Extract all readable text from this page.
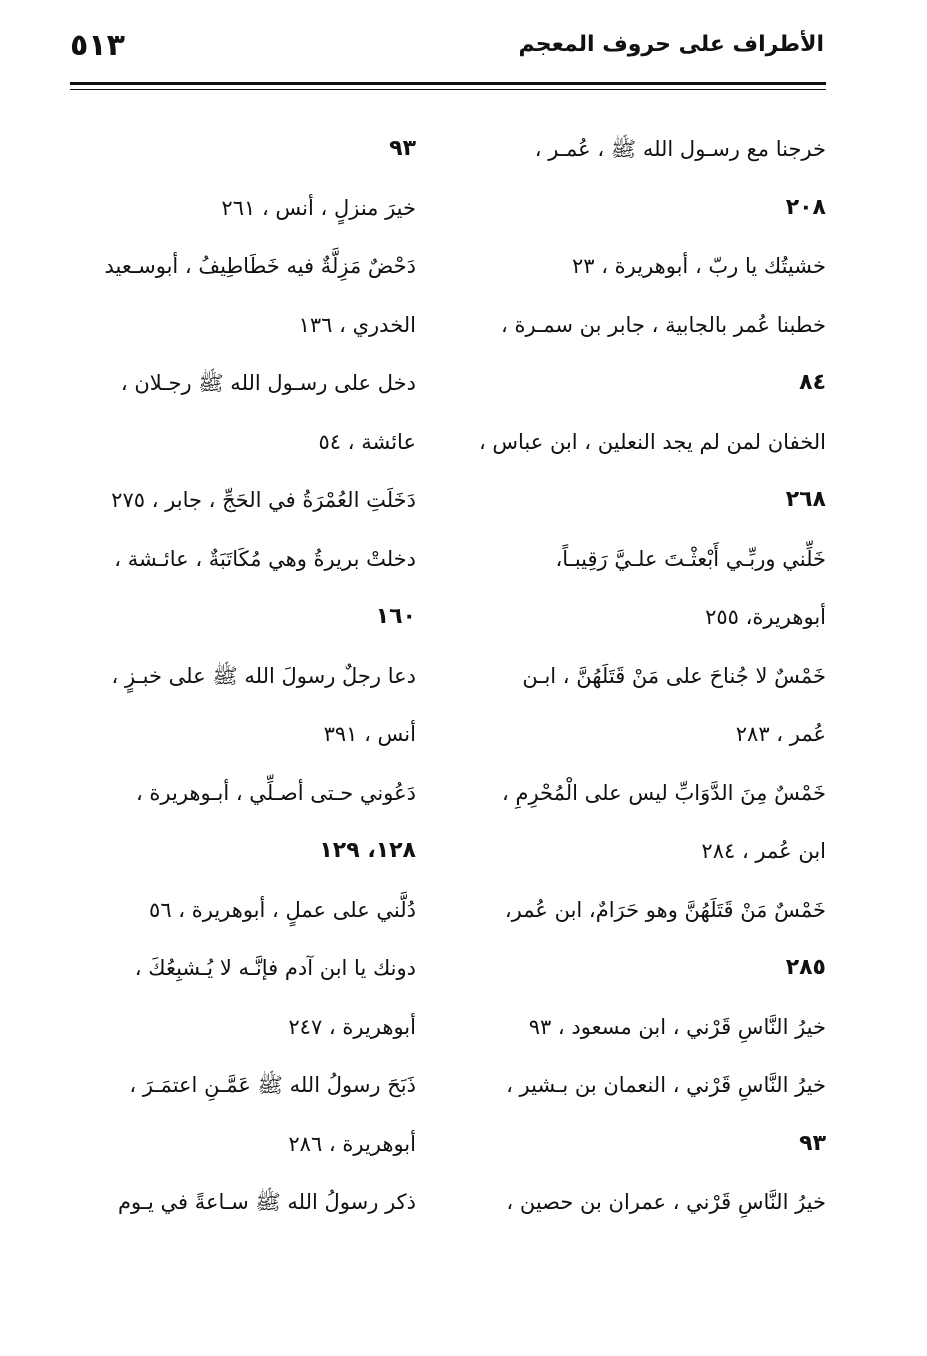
٥١٣	الأطراف على حروف المعجم
خرجنا مع رسـول الله ﷺ ، عُمـر ،
٢٠٨
خشيتُك يا ربّ ، أبوهريرة ، ٢٣
خطبنا عُمر بالجابية ، جابر بن سمـرة ،
٨٤
الخفان لمن لم يجد النعلين ، ابن عباس ،
٢٦٨
خَلِّني وربِّـي أَبْعثْـتَ علـيَّ رَقِيبـاً،
أبوهريرة، ٢٥٥
خَمْسٌ لا جُناحَ على مَنْ قَتَلَهُنَّ ، ابـن
عُمر ، ٢٨٣
خَمْسٌ مِنَ الدَّوَابِّ ليس على الْمُحْرِمِ ،
ابن عُمر ، ٢٨٤
خَمْسٌ مَنْ قَتَلَهُنَّ وهو حَرَامٌ، ابن عُمر،
٢٨٥
خيرُ النَّاسِ قَرْني ، ابن مسعود ، ٩٣
خيرُ النَّاسِ قَرْني ، النعمان بن بـشير ،
٩٣
خيرُ النَّاسِ قَرْني ، عمران بن حصين ،
٩٣
خيرَ منزلٍ ، أنس ، ٢٦١
دَحْضٌ مَزِلَّةٌ فيه خَطَاطِيفُ ، أبوسـعيد
الخدري ، ١٣٦
دخل على رسـول الله ﷺ رجـلان ،
عائشة ، ٥٤
دَخَلَتِ العُمْرَةُ في الحَجِّ ، جابر ، ٢٧٥
دخلتْ بريرةُ وهي مُكَاتَبَةٌ ، عائـشة ،
١٦٠
دعا رجلٌ رسولَ الله ﷺ على خبـزٍ ،
أنس ، ٣٩١
دَعُوني حـتى أصـلِّي ، أبـوهريرة ،
١٢٨، ١٢٩
دُلَّني على عملٍ ، أبوهريرة ، ٥٦
دونك يا ابن آدم فإنَّـه لا يُـشبِعُكَ ،
أبوهريرة ، ٢٤٧
ذَبَحَ رسولُ الله ﷺ عَمَّـنِ اعتمَـرَ ،
أبوهريرة ، ٢٨٦
ذكر رسولُ الله ﷺ سـاعةً في يـوم
